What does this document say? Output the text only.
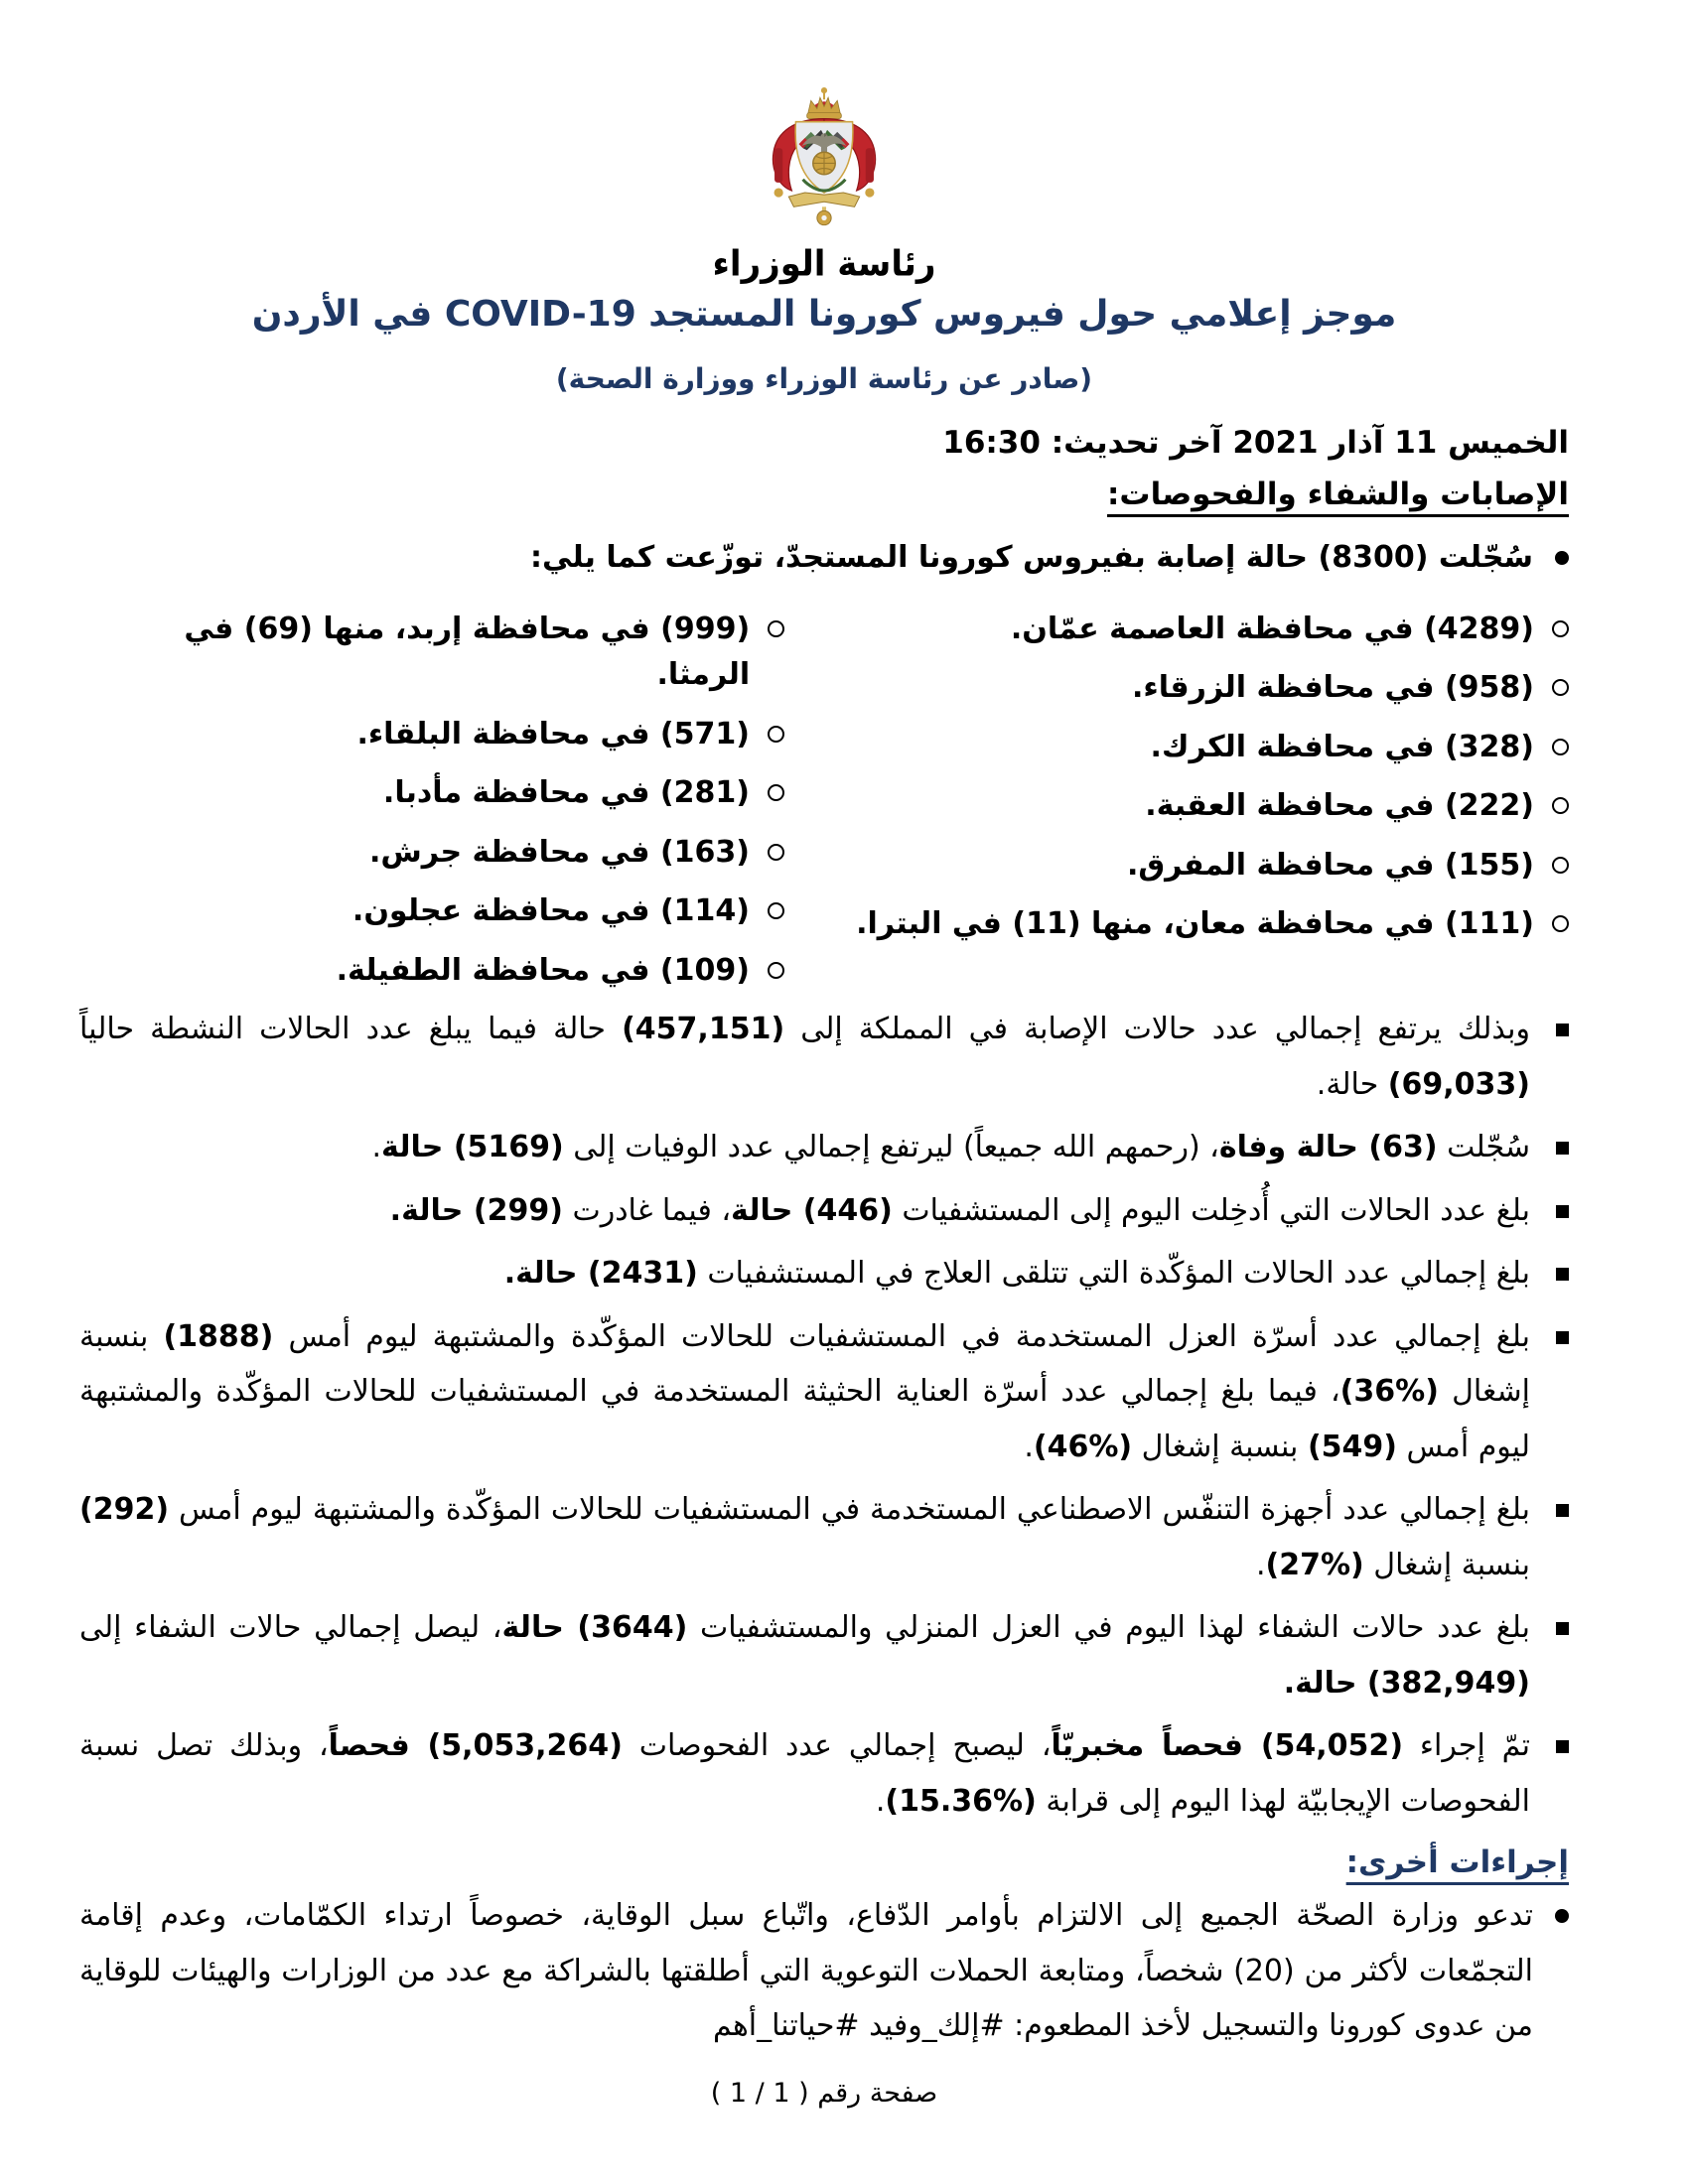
رئاسة الوزراء
موجز إعلامي حول فيروس كورونا المستجد COVID-19 في الأردن
(صادر عن رئاسة الوزراء ووزارة الصحة)
الخميس 11 آذار 2021 آخر تحديث: 16:30
الإصابات والشفاء والفحوصات:
سُجّلت (8300) حالة إصابة بفيروس كورونا المستجدّ، توزّعت كما يلي:
(4289) في محافظة العاصمة عمّان.
(958) في محافظة الزرقاء.
(328) في محافظة الكرك.
(222) في محافظة العقبة.
(155) في محافظة المفرق.
(111) في محافظة معان، منها (11) في البترا.
(999) في محافظة إربد، منها (69) في الرمثا.
(571) في محافظة البلقاء.
(281) في محافظة مأدبا.
(163) في محافظة جرش.
(114) في محافظة عجلون.
(109) في محافظة الطفيلة.
وبذلك يرتفع إجمالي عدد حالات الإصابة في المملكة إلى (457,151) حالة فيما يبلغ عدد الحالات النشطة حالياً (69,033) حالة.
سُجّلت (63) حالة وفاة، (رحمهم الله جميعاً) ليرتفع إجمالي عدد الوفيات إلى (5169) حالة.
بلغ عدد الحالات التي أُدخِلت اليوم إلى المستشفيات (446) حالة، فيما غادرت (299) حالة.
بلغ إجمالي عدد الحالات المؤكّدة التي تتلقى العلاج في المستشفيات (2431) حالة.
بلغ إجمالي عدد أسرّة العزل المستخدمة في المستشفيات للحالات المؤكّدة والمشتبهة ليوم أمس (1888) بنسبة إشغال (%36)، فيما بلغ إجمالي عدد أسرّة العناية الحثيثة المستخدمة في المستشفيات للحالات المؤكّدة والمشتبهة ليوم أمس (549) بنسبة إشغال (%46).
بلغ إجمالي عدد أجهزة التنفّس الاصطناعي المستخدمة في المستشفيات للحالات المؤكّدة والمشتبهة ليوم أمس (292) بنسبة إشغال (%27).
بلغ عدد حالات الشفاء لهذا اليوم في العزل المنزلي والمستشفيات (3644) حالة، ليصل إجمالي حالات الشفاء إلى (382,949) حالة.
تمّ إجراء (54,052) فحصاً مخبريّاً، ليصبح إجمالي عدد الفحوصات (5,053,264) فحصاً، وبذلك تصل نسبة الفحوصات الإيجابيّة لهذا اليوم إلى قرابة (%15.36).
إجراءات أخرى:
تدعو وزارة الصحّة الجميع إلى الالتزام بأوامر الدّفاع، واتّباع سبل الوقاية، خصوصاً ارتداء الكمّامات، وعدم إقامة التجمّعات لأكثر من (20) شخصاً، ومتابعة الحملات التوعوية التي أطلقتها بالشراكة مع عدد من الوزارات والهيئات للوقاية من عدوى كورونا والتسجيل لأخذ المطعوم: #إلك_وفيد #حياتنا_أهم
صفحة رقم ( 1 / 1 )
